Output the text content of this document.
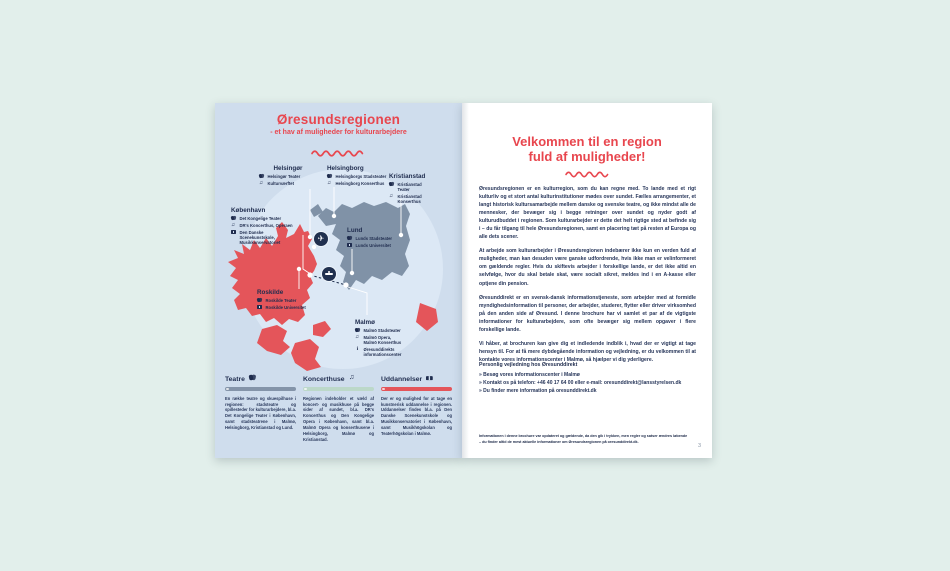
Øresundsregionen
- et hav af muligheder for kulturarbejdere
✈
Helsingør
Helsingør Teater
♫
Kulturværftet
Helsingborg
Helsingborgs Stadsteater
♫
Helsingborg Konserthus
Kristianstad
Kristianstad Teater
♫
Kristianstad Konserthus
København
Det Kongelige Teater
♫
DR's Koncerthus, Operaen
Den Danske Scenekunstskole, Musikkonservatoriet
Lund
Lunds Stadsteater
Lunds Universitet
Roskilde
Roskilde Teater
Roskilde Universitet
Malmø
Malmö Stadsteater
♫
Malmö Opera, Malmö Konserthus
i
Øresunddirekts informationscenter
Teatre
En række teatre og skuespilhuse i regionen: stadsteatre og spillesteder for kulturarbejdere, bl.a. Det Kongelige Teater i København, samt stadsteatrene i Malmø, Helsingborg, Kristianstad og Lund.
Koncerthuse
♫
Regionen indeholder et væld af koncert- og musikhuse på begge sider af sundet, bl.a. DR's Koncerthus og Den Kongelige Opera i København, samt bl.a. Malmö Opera og konserthusene i Helsingborg, Malmø og Kristianstad.
Uddannelser
Der er og mulighed for at tage en kunstnerisk uddannelse i regionen. Uddannelser findes bl.a. på Den Danske Scenekunstskole og Musikkonservatoriet i København, samt Musikhögskolan og Teaterhögskolan i Malmø.
Velkommen til en region
fuld af muligheder!

Øresundsregionen er en kulturregion, som du kan regne med. To lande med et rigt kulturliv og et stort antal kulturinstitutioner mødes over sundet. Fælles arrangementer, et langt historisk kultursamarbejde mellem danske og svenske teatre, og ikke mindst alle de mennesker, der bevæger sig i begge retninger over sundet og nyder godt af kulturudbuddet i regionen. Som kulturarbejder er dette det helt rigtige sted at befinde sig i – du får tilgang til hele Øresundsregionen, samt en placering tæt på resten af Europa og alle dets scener.

At arbejde som kulturarbejder i Øresundsregionen indebærer ikke kun en verden fuld af muligheder, man kan desuden være ganske udfordrende, hvis ikke man er velinformeret om gældende regler. Hvis du skiftevis arbejder i forskellige lande, er det ikke altid en selvfølge, hvor du skal betale skat, være socialt sikret, meldes ind i en A-kasse eller optjene din pension.

Øresunddirekt er en svensk-dansk informationstjeneste, som arbejder med at formidle myndighedsinformation til personer, der arbejder, studerer, flytter eller driver virksomhed på den anden side af Øresund. I denne brochure har vi samlet et par af de vigtigste informationer for kulturarbejdere, som ofte bevæger sig mellem opgaver i flere forskellige lande.

Vi håber, at brochuren kan give dig et indledende indblik i, hvad der er vigtigt at tage hensyn til. For at få mere dybdegående information og vejledning, er du velkommen til at kontakte vores informationscenter i Malmø, så hjælper vi dig yderligere.

Personlig vejledning hos Øresunddirekt
» Besøg vores informationscenter i Malmø
» Kontakt os på telefon: +46 40 17 64 00 eller e-mail: oresunddirekt@lansstyrelsen.dk
» Du finder mere information på oresunddirekt.dk
Informationen i denne brochure var opdateret og gældende, da den gik i trykken, men regler og satser ændres løbende – du finder altid de mest aktuelle informationer om Øresundsregionen på oresunddirekt.dk.
3
